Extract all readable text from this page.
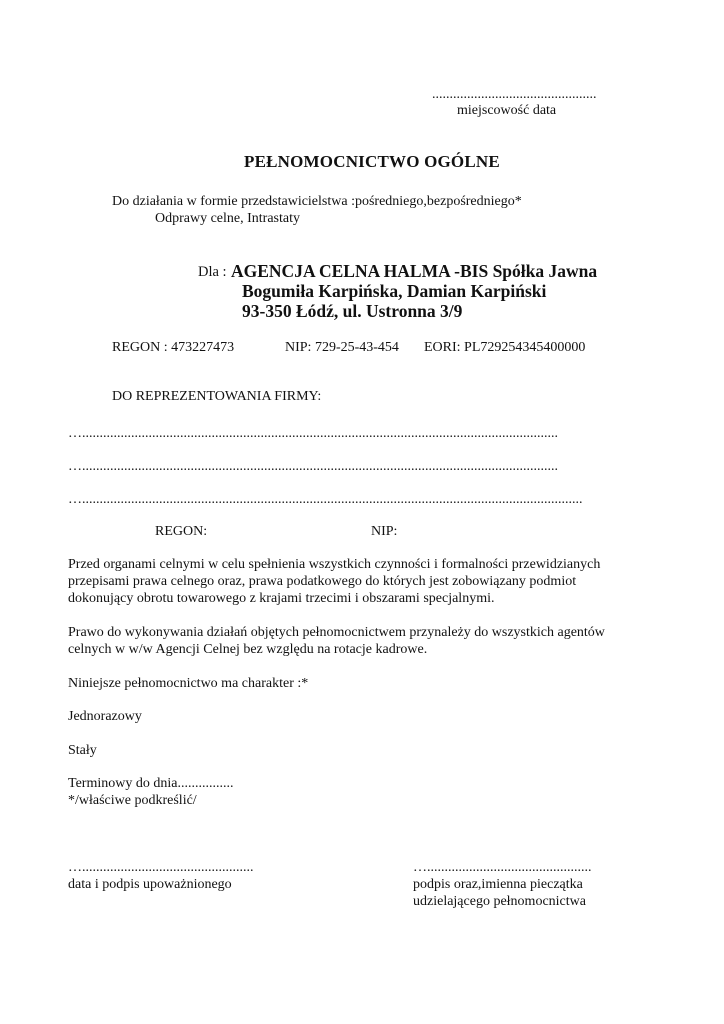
...............................................
miejscowość data
PEŁNOMOCNICTWO OGÓLNE
Do działania w formie przedstawicielstwa :pośredniego,bezpośredniego*
Odprawy celne, Intrastaty
Dla : AGENCJA CELNA HALMA -BIS Spółka Jawna
Bogumiła Karpińska, Damian Karpiński
93-350 Łódź, ul. Ustronna 3/9
REGON : 473227473	NIP: 729-25-43-454 EORI: PL729254345400000
DO REPREZENTOWANIA FIRMY:
…........................................................................................................................................
…........................................................................................................................................
…...............................................................................................................................................
REGON:	NIP:
Przed organami celnymi w celu spełnienia wszystkich czynności i formalności przewidzianych
przepisami prawa celnego oraz, prawa podatkowego do których jest zobowiązany podmiot
dokonujący obrotu towarowego z krajami trzecimi i obszarami specjalnymi.
Prawo do wykonywania działań objętych pełnomocnictwem przynależy do wszystkich agentów
celnych w w/w Agencji Celnej bez względu na rotacje kadrowe.
Niniejsze pełnomocnictwo ma charakter :*
Jednorazowy
Stały
Terminowy do dnia................
*/właściwe podkreślić/
….................................................
data i podpis upoważnionego
…...............................................
podpis oraz,imienna pieczątka
udzielającego pełnomocnictwa
